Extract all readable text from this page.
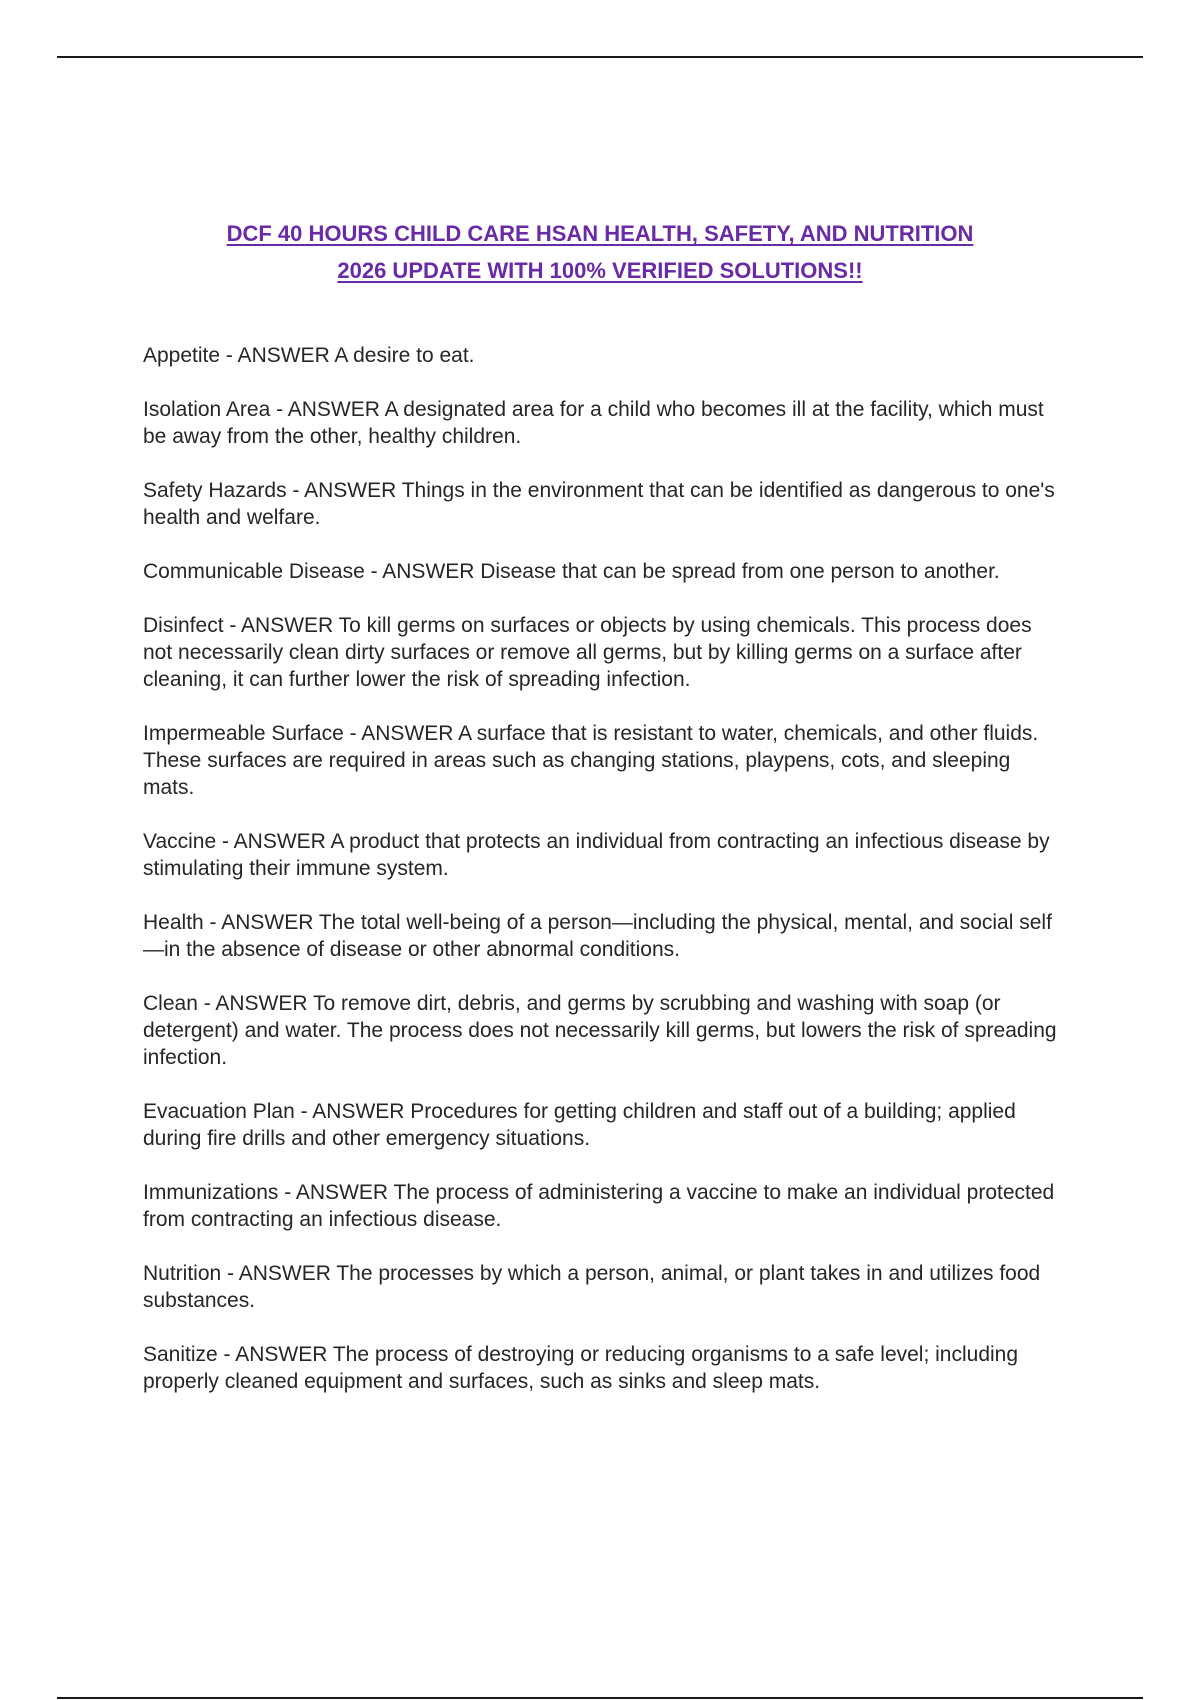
DCF 40 HOURS CHILD CARE HSAN HEALTH, SAFETY, AND NUTRITION
2026 UPDATE WITH 100% VERIFIED SOLUTIONS!!

Appetite - ANSWER A desire to eat.

Isolation Area - ANSWER A designated area for a child who becomes ill at the facility, which must be away from the other, healthy children.

Safety Hazards - ANSWER Things in the environment that can be identified as dangerous to one's health and welfare.

Communicable Disease - ANSWER Disease that can be spread from one person to another.

Disinfect - ANSWER To kill germs on surfaces or objects by using chemicals. This process does not necessarily clean dirty surfaces or remove all germs, but by killing germs on a surface after cleaning, it can further lower the risk of spreading infection.

Impermeable Surface - ANSWER A surface that is resistant to water, chemicals, and other fluids. These surfaces are required in areas such as changing stations, playpens, cots, and sleeping mats.

Vaccine - ANSWER A product that protects an individual from contracting an infectious disease by stimulating their immune system.

Health - ANSWER The total well-being of a person—including the physical, mental, and social self—in the absence of disease or other abnormal conditions.

Clean - ANSWER To remove dirt, debris, and germs by scrubbing and washing with soap (or detergent) and water. The process does not necessarily kill germs, but lowers the risk of spreading infection.

Evacuation Plan - ANSWER Procedures for getting children and staff out of a building; applied during fire drills and other emergency situations.

Immunizations - ANSWER The process of administering a vaccine to make an individual protected from contracting an infectious disease.

Nutrition - ANSWER The processes by which a person, animal, or plant takes in and utilizes food substances.

Sanitize - ANSWER The process of destroying or reducing organisms to a safe level; including properly cleaned equipment and surfaces, such as sinks and sleep mats.
